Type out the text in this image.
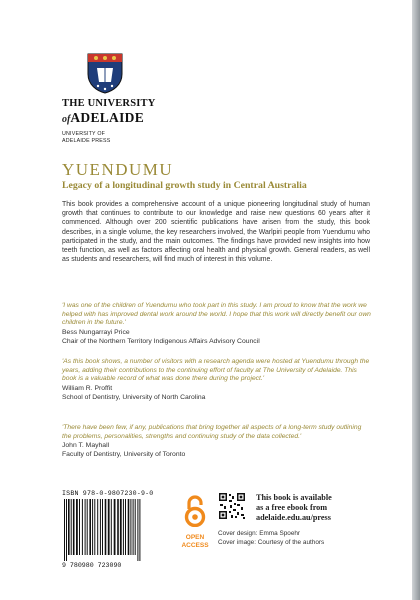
THE UNIVERSITY
ofADELAIDE
UNIVERSITY OF
ADELAIDE PRESS
YUENDUMU
Legacy of a longitudinal growth study in Central Australia

This book provides a comprehensive account of a unique pioneering longitudinal study of human growth that continues to contribute to our knowledge and raise new questions 60 years after it commenced. Although over 200 scientific publications have arisen from the study, this book describes, in a single volume, the key researchers involved, the Warlpiri people from Yuendumu who participated in the study, and the main outcomes. The findings have provided new insights into how teeth function, as well as factors affecting oral health and physical growth. General readers, as well as students and researchers, will find much of interest in this volume.

'I was one of the children of Yuendumu who took part in this study. I am proud to know that the work we helped with has improved dental work around the world. I hope that this work will directly benefit our own children in the future.'

Bess Nungarrayi Price

Chair of the Northern Territory Indigenous Affairs Advisory Council

'As this book shows, a number of visitors with a research agenda were hosted at Yuendumu through the years, adding their contributions to the continuing effort of faculty at The University of Adelaide. This book is a valuable record of what was done there during the project.'

William R. Proffit

School of Dentistry, University of North Carolina

'There have been few, if any, publications that bring together all aspects of a long-term study outlining the problems, personalities, strengths and continuing study of the data collected.'

John T. Mayhall

Faculty of Dentistry, University of Toronto

ISBN 978-0-9807230-9-0
9 780980 723090
OPEN
ACCESS
This book is available
as a free ebook from
adelaide.edu.au/press
Cover design: Emma Spoehr
Cover image: Courtesy of the authors
